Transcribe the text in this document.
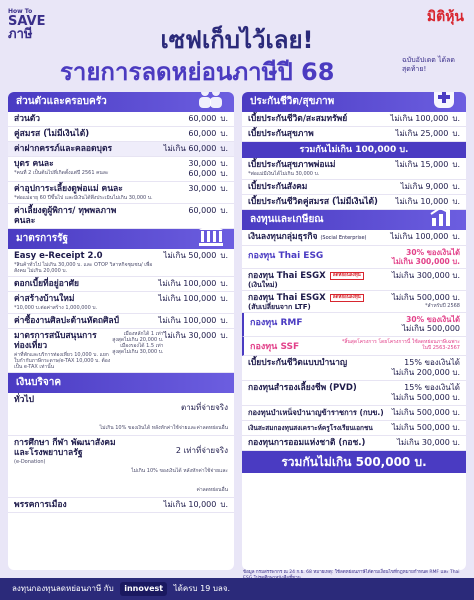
How To
SAVE
ภาษี
มิติหุ้น
เซฟเก็บไว้เลย!
รายการลดหย่อนภาษีปี 68	ฉบับอัปเดต ได้ลดสุดท้าย!
ส่วนตัวและครอบครัว
ส่วนตัว	60,000 บ.
คู่สมรส (ไม่มีเงินได้)	60,000 บ.
ค่าฝากครรภ์และคลอดบุตร	ไม่เกิน 60,000 บ.
บุตร คนละ
*คนที่ 2 เป็นต้นไปที่เกิดตั้งแต่ปี 2561 คนละ
30,000 บ.
60,000 บ.
ค่าอุปการะเลี้ยงดูพ่อแม่ คนละ
*พ่อแม่อายุ 60 ปีขึ้นไป และมีเงินได้พึงประเมินไม่เกิน 30,000 บ.
30,000 บ.
ค่าเลี้ยงดูผู้พิการ/ ทุพพลภาพ คนละ
60,000 บ.
มาตรการรัฐ
Easy e-Receipt 2.0
*สินค้าทั่วไป ไม่เกิน 30,000 บ. และ OTOP วิสาหกิจชุมชน/ เพื่อสังคม ไม่เกิน 20,000 บ.
ไม่เกิน 50,000 บ.
ดอกเบี้ยที่อยู่อาศัย	ไม่เกิน 100,000 บ.
ค่าสร้างบ้านใหม่
*10,000 บ.ต่อค่าสร้าง 1,000,000 บ.
ไม่เกิน 100,000 บ.
ค่าซื้องานศิลปะด้านหัตถศิลป์	ไม่เกิน 100,000 บ.
มาตรการสนับสนุนการท่องเที่ยว
ค่าที่พักและบริการท่องเที่ยว 10,000 บ. แยกใบกำกับภาษีกระดาษ/e-TAX 10,000 บ. ต้องเป็น e-TAX เท่านั้น
เมืองหลักได้ 1 เท่า สูงสุดไม่เกิน 20,000 บ. เมืองรองได้ 1.5 เท่า สูงสุดไม่เกิน 30,000 บ.
ไม่เกิน 30,000 บ.
เงินบริจาค
ทั่วไป
ตามที่จ่ายจริง
ไม่เกิน 10% ของเงินได้ หลังหักค่าใช้จ่ายและค่าลดหย่อนอื่น
การศึกษา กีฬา พัฒนาสังคม และโรงพยาบาลรัฐ
(e-Donation)
2 เท่าที่จ่ายจริง
ไม่เกิน 10% ของเงินได้ หลังหักค่าใช้จ่ายและค่าลดหย่อนอื่น
พรรคการเมือง	ไม่เกิน 10,000 บ.
ประกันชีวิต/สุขภาพ
เบี้ยประกันชีวิต/สะสมทรัพย์	ไม่เกิน 100,000 บ.
เบี้ยประกันสุขภาพ	ไม่เกิน 25,000 บ.
รวมกันไม่เกิน 100,000 บ.
เบี้ยประกันสุขภาพพ่อแม่
*พ่อแม่มีเงินได้ไม่เกิน 30,000 บ.
ไม่เกิน 15,000 บ.
เบี้ยประกันสังคม	ไม่เกิน 9,000 บ.
เบี้ยประกันชีวิตคู่สมรส (ไม่มีเงินได้) ไม่เกิน 10,000 บ.
ลงทุนและเกษียณ
เงินลงทุนกลุ่มธุรกิจ (Social Enterprise)	ไม่เกิน 100,000 บ.
กองทุน Thai ESG	30% ของเงินได้
ไม่เกิน 300,000 บ.
กองทุน Thai ESGX ลดหย่อนลงทุน
(เงินใหม่)
ไม่เกิน 300,000 บ.
กองทุน Thai ESGX ลดหย่อนลงทุน
(สับเปลี่ยนจาก LTF)
ไม่เกิน 500,000 บ.
*สำหรับปี 2568
กองทุน RMF	30% ของเงินได้
ไม่เกิน 500,000
กองทุน SSF	*สิ้นสุดโครงการ โดยโครงการนี้ ใช้ลดหย่อนภาษีเฉพาะในปี 2563-2567
เบี้ยประกันชีวิตแบบบำนาญ	15% ของเงินได้
ไม่เกิน 200,000 บ.
กองทุนสำรองเลี้ยงชีพ (PVD)	15% ของเงินได้
ไม่เกิน 500,000 บ.
กองทุนบำเหน็จบำนาญข้าราชการ (กบข.) ไม่เกิน 500,000 บ.
เงินสะสมกองทุนสงเคราะห์ครูโรงเรียนเอกชน ไม่เกิน 500,000 บ.
กองทุนการออมแห่งชาติ (กอช.)	ไม่เกิน 30,000 บ.
รวมกันไม่เกิน 500,000 บ.
ข้อมูล กรมสรรพากร ณ 24 ก.ย. 68 หมายเหตุ: ใช้ลดหย่อนภาษีได้ตามเงื่อนไขที่กฎหมายกำหนด RMF และ Thai
ลงทุนกองทุนลดหย่อนภาษี กับ innovest ได้ครบ 19 บลจ.
